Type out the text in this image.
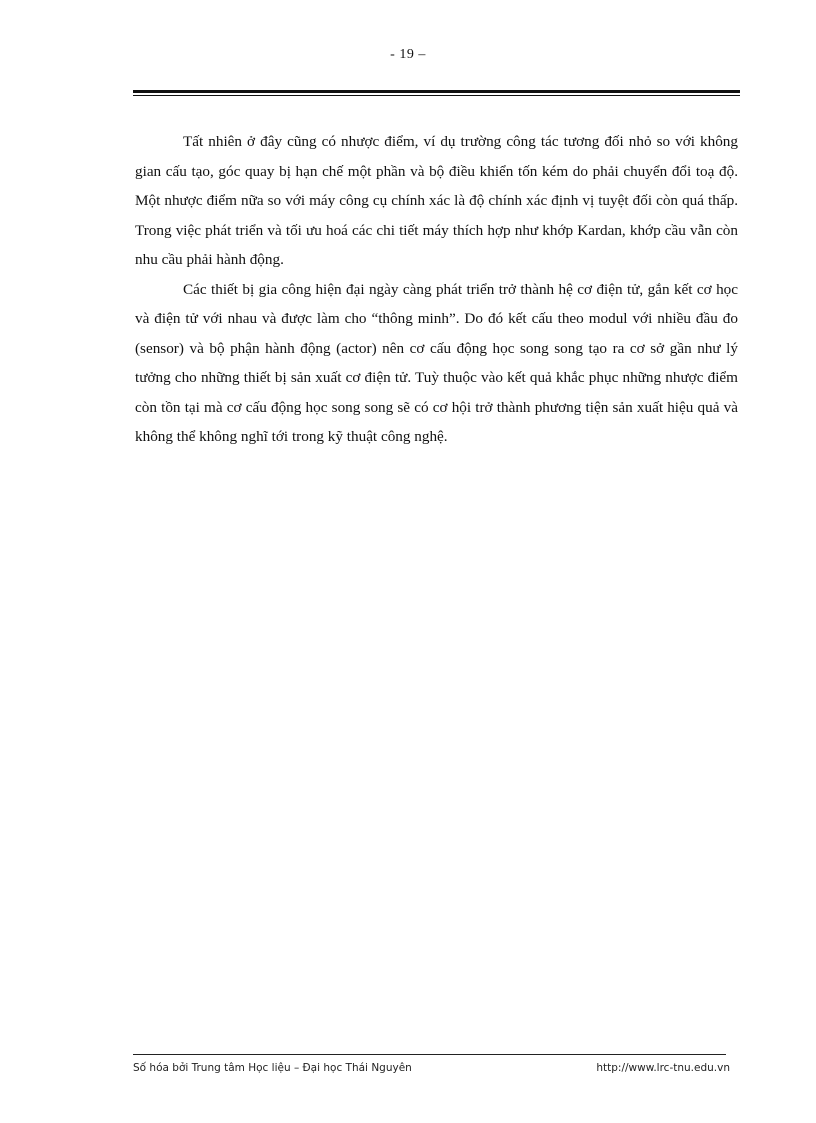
- 19 –

Tất nhiên ở đây cũng có nhược điểm, ví dụ trường công tác tương đối nhỏ so với không gian cấu tạo, góc quay bị hạn chế một phần và bộ điều khiển tốn kém do phải chuyển đổi toạ độ. Một nhược điểm nữa so với máy công cụ chính xác là độ chính xác định vị tuyệt đối còn quá thấp. Trong việc phát triển và tối ưu hoá các chi tiết máy thích hợp như khớp Kardan, khớp cầu vẫn còn nhu cầu phải hành động.

Các thiết bị gia công hiện đại ngày càng phát triển trở thành hệ cơ điện tử, gắn kết cơ học và điện tử với nhau và được làm cho “thông minh”. Do đó kết cấu theo modul với nhiều đầu đo (sensor) và bộ phận hành động (actor) nên cơ cấu động học song song tạo ra cơ sở gần như lý tưởng cho những thiết bị sản xuất cơ điện tử. Tuỳ thuộc vào kết quả khắc phục những nhược điểm còn tồn tại mà cơ cấu động học song song sẽ có cơ hội trở thành phương tiện sản xuất hiệu quả và không thể không nghĩ tới trong kỹ thuật công nghệ.

Số hóa bởi Trung tâm Học liệu – Đại học Thái Nguyên	http://www.lrc-tnu.edu.vn
